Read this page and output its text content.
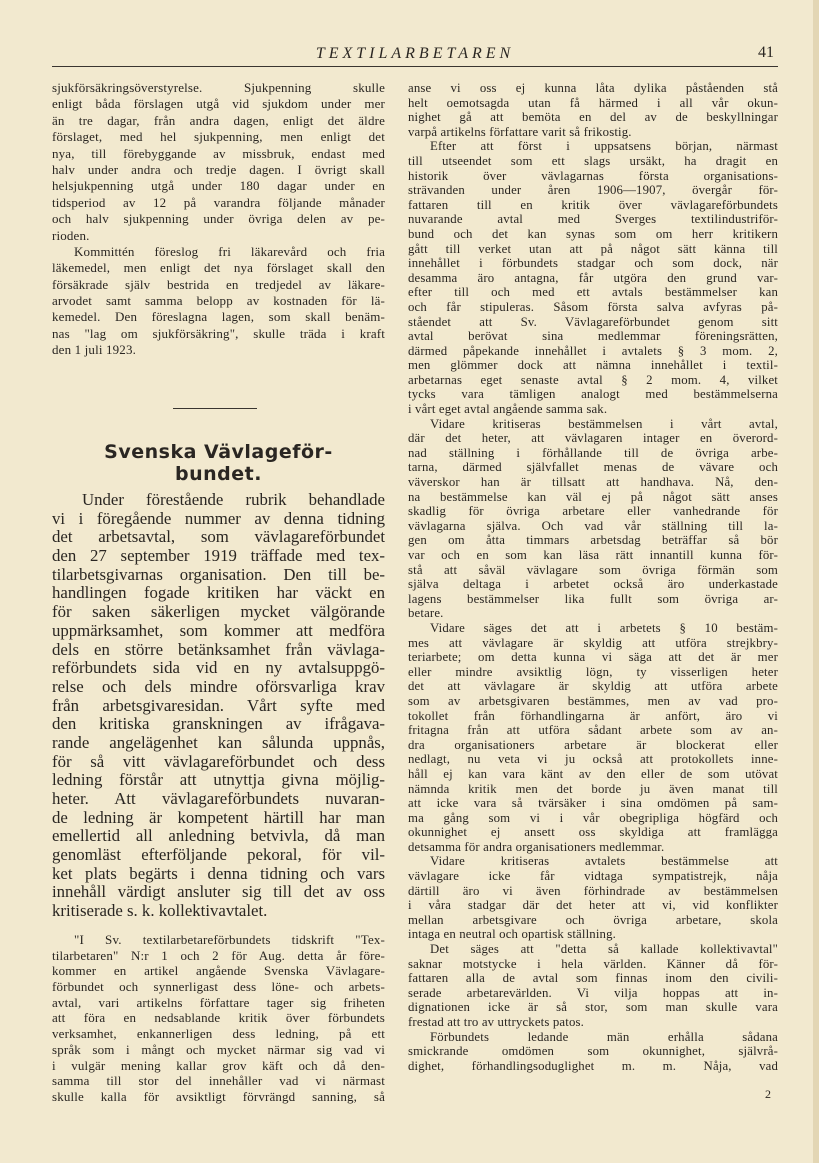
TEXTILARBETAREN	41
sjukförsäkringsöverstyrelse. Sjukpenning skulle
enligt båda förslagen utgå vid sjukdom under mer
än tre dagar, från andra dagen, enligt det äldre
förslaget, med hel sjukpenning, men enligt det
nya, till förebyggande av missbruk, endast med
halv under andra och tredje dagen. I övrigt skall
helsjukpenning utgå under 180 dagar under en
tidsperiod av 12 på varandra följande månader
och halv sjukpenning under övriga delen av pe-
rioden.
Kommittén föreslog fri läkarevård och fria
läkemedel, men enligt det nya förslaget skall den
försäkrade själv bestrida en tredjedel av läkare-
arvodet samt samma belopp av kostnaden för lä-
kemedel. Den föreslagna lagen, som skall benäm-
nas "lag om sjukförsäkring", skulle träda i kraft
den 1 juli 1923.
Svenska Vävlageför-
bundet.
Under förestående rubrik behandlade
vi i föregående nummer av denna tidning
det arbetsavtal, som vävlagareförbundet
den 27 september 1919 träffade med tex-
tilarbetsgivarnas organisation. Den till be-
handlingen fogade kritiken har väckt en
för saken säkerligen mycket välgörande
uppmärksamhet, som kommer att medföra
dels en större betänksamhet från vävlaga-
reförbundets sida vid en ny avtalsuppgö-
relse och dels mindre oförsvarliga krav
från arbetsgivaresidan. Vårt syfte med
den kritiska granskningen av ifrågava-
rande angelägenhet kan sålunda uppnås,
för så vitt vävlagareförbundet och dess
ledning förstår att utnyttja givna möjlig-
heter. Att vävlagareförbundets nuvaran-
de ledning är kompetent härtill har man
emellertid all anledning betvivla, då man
genomläst efterföljande pekoral, för vil-
ket plats begärts i denna tidning och vars
innehåll värdigt ansluter sig till det av oss
kritiserade s. k. kollektivavtalet.
"I Sv. textilarbetareförbundets tidskrift "Tex-
tilarbetaren" N:r 1 och 2 för Aug. detta år före-
kommer en artikel angående Svenska Vävlagare-
förbundet och synnerligast dess löne- och arbets-
avtal, vari artikelns författare tager sig friheten
att föra en nedsablande kritik över förbundets
verksamhet, enkannerligen dess ledning, på ett
språk som i mångt och mycket närmar sig vad vi
i vulgär mening kallar grov käft och då den-
samma till stor del innehåller vad vi närmast
skulle kalla för avsiktligt förvrängd sanning, så
anse vi oss ej kunna låta dylika påståenden stå
helt oemotsagda utan få härmed i all vår okun-
nighet gå att bemöta en del av de beskyllningar
varpå artikelns författare varit så frikostig.
Efter att först i uppsatsens början, närmast
till utseendet som ett slags ursäkt, ha dragit en
historik över vävlagarnas första organisations-
strävanden under åren 1906—1907, övergår för-
fattaren till en kritik över vävlagareförbundets
nuvarande avtal med Sverges textilindustriför-
bund och det kan synas som om herr kritikern
gått till verket utan att på något sätt känna till
innehållet i förbundets stadgar och som dock, när
desamma äro antagna, får utgöra den grund var-
efter till och med ett avtals bestämmelser kan
och får stipuleras. Såsom första salva avfyras på-
ståendet att Sv. Vävlagareförbundet genom sitt
avtal berövat sina medlemmar föreningsrätten,
därmed påpekande innehållet i avtalets § 3 mom. 2,
men glömmer dock att nämna innehållet i textil-
arbetarnas eget senaste avtal § 2 mom. 4, vilket
tycks vara tämligen analogt med bestämmelserna
i vårt eget avtal angående samma sak.
Vidare kritiseras bestämmelsen i vårt avtal,
där det heter, att vävlagaren intager en överord-
nad ställning i förhållande till de övriga arbe-
tarna, därmed självfallet menas de vävare och
väverskor han är tillsatt att handhava. Nå, den-
na bestämmelse kan väl ej på något sätt anses
skadlig för övriga arbetare eller vanhedrande för
vävlagarna själva. Och vad vår ställning till la-
gen om åtta timmars arbetsdag beträffar så bör
var och en som kan läsa rätt innantill kunna för-
stå att såväl vävlagare som övriga förmän som
själva deltaga i arbetet också äro underkastade
lagens bestämmelser lika fullt som övriga ar-
betare.
Vidare säges det att i arbetets § 10 bestäm-
mes att vävlagare är skyldig att utföra strejkbry-
teriarbete; om detta kunna vi säga att det är mer
eller mindre avsiktlig lögn, ty visserligen heter
det att vävlagare är skyldig att utföra arbete
som av arbetsgivaren bestämmes, men av vad pro-
tokollet från förhandlingarna är anfört, äro vi
fritagna från att utföra sådant arbete som av an-
dra organisationers arbetare är blockerat eller
nedlagt, nu veta vi ju också att protokollets inne-
håll ej kan vara känt av den eller de som utövat
nämnda kritik men det borde ju även manat till
att icke vara så tvärsäker i sina omdömen på sam-
ma gång som vi i vår obegripliga högfärd och
okunnighet ej ansett oss skyldiga att framlägga
detsamma för andra organisationers medlemmar.
Vidare kritiseras avtalets bestämmelse att
vävlagare icke får vidtaga sympatistrejk, nåja
därtill äro vi även förhindrade av bestämmelsen
i våra stadgar där det heter att vi, vid konflikter
mellan arbetsgivare och övriga arbetare, skola
intaga en neutral och opartisk ställning.
Det säges att "detta så kallade kollektivavtal"
saknar motstycke i hela världen. Känner då för-
fattaren alla de avtal som finnas inom den civili-
serade arbetarevärlden. Vi vilja hoppas att in-
dignationen icke är så stor, som man skulle vara
frestad att tro av uttryckets patos.
Förbundets ledande män erhålla sådana
smickrande omdömen som okunnighet, självrå-
dighet, förhandlingsoduglighet m. m. Nåja, vad
2
